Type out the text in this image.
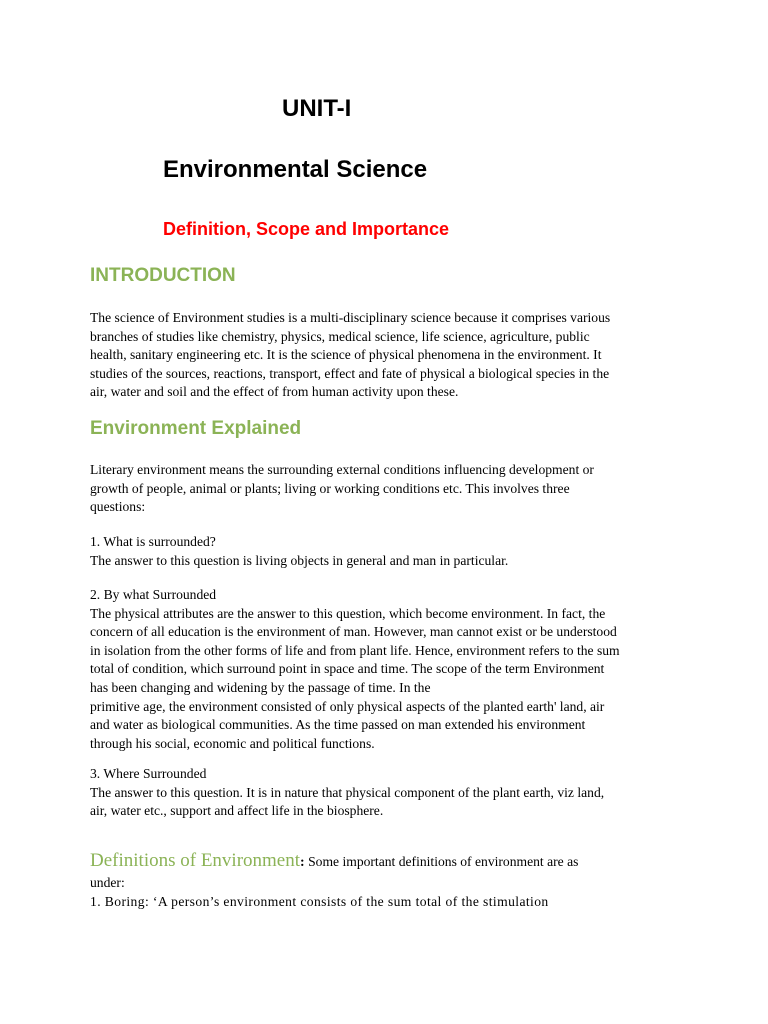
UNIT-I
Environmental Science
Definition, Scope and Importance
INTRODUCTION
The science of Environment studies is a multi-disciplinary science because it comprises various
branches of studies like chemistry, physics, medical science, life science, agriculture, public
health, sanitary engineering etc. It is the science of physical phenomena in the environment. It
studies of the sources, reactions, transport, effect and fate of physical a biological species in the
air, water and soil and the effect of from human activity upon these.
Environment Explained
Literary environment means the surrounding external conditions influencing development or
growth of people, animal or plants; living or working conditions etc. This involves three
questions:
1. What is surrounded?
The answer to this question is living objects in general and man in particular.
2. By what Surrounded
The physical attributes are the answer to this question, which become environment. In fact, the
concern of all education is the environment of man. However, man cannot exist or be understood
in isolation from the other forms of life and from plant life. Hence, environment refers to the sum
total of condition, which surround point in space and time. The scope of the term Environment
has been changing and widening by the passage of time. In the
primitive age, the environment consisted of only physical aspects of the planted earth' land, air
and water as biological communities. As the time passed on man extended his environment
through his social, economic and political functions.
3. Where Surrounded
The answer to this question. It is in nature that physical component of the plant earth, viz land,
air, water etc., support and affect life in the biosphere.
Definitions of Environment: Some important definitions of environment are as
under:
1. Boring: ‘A person’s environment consists of the sum total of the stimulation
